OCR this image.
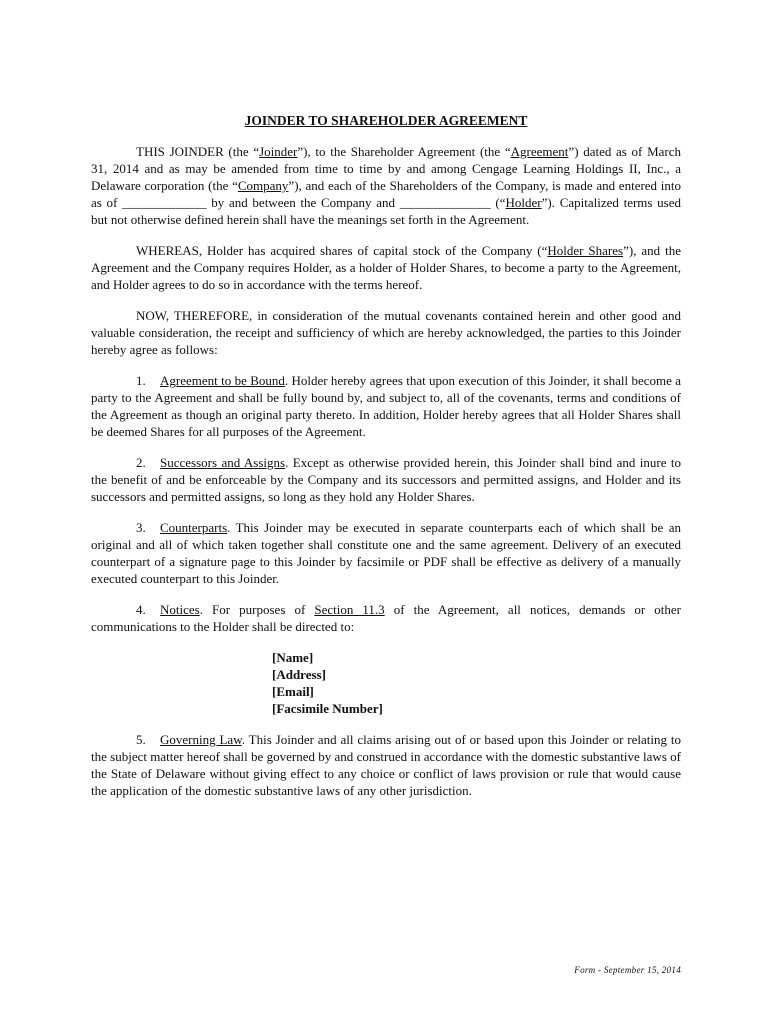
JOINDER TO SHAREHOLDER AGREEMENT

THIS JOINDER (the “Joinder”), to the Shareholder Agreement (the “Agreement”) dated as of March 31, 2014 and as may be amended from time to time by and among Cengage Learning Holdings II, Inc., a Delaware corporation (the “Company”), and each of the Shareholders of the Company, is made and entered into as of _____________ by and between the Company and ______________ (“Holder”). Capitalized terms used but not otherwise defined herein shall have the meanings set forth in the Agreement.

WHEREAS, Holder has acquired shares of capital stock of the Company (“Holder Shares”), and the Agreement and the Company requires Holder, as a holder of Holder Shares, to become a party to the Agreement, and Holder agrees to do so in accordance with the terms hereof.

NOW, THEREFORE, in consideration of the mutual covenants contained herein and other good and valuable consideration, the receipt and sufficiency of which are hereby acknowledged, the parties to this Joinder hereby agree as follows:

1. Agreement to be Bound. Holder hereby agrees that upon execution of this Joinder, it shall become a party to the Agreement and shall be fully bound by, and subject to, all of the covenants, terms and conditions of the Agreement as though an original party thereto. In addition, Holder hereby agrees that all Holder Shares shall be deemed Shares for all purposes of the Agreement.

2. Successors and Assigns. Except as otherwise provided herein, this Joinder shall bind and inure to the benefit of and be enforceable by the Company and its successors and permitted assigns, and Holder and its successors and permitted assigns, so long as they hold any Holder Shares.

3. Counterparts. This Joinder may be executed in separate counterparts each of which shall be an original and all of which taken together shall constitute one and the same agreement. Delivery of an executed counterpart of a signature page to this Joinder by facsimile or PDF shall be effective as delivery of a manually executed counterpart to this Joinder.

4. Notices. For purposes of Section 11.3 of the Agreement, all notices, demands or other communications to the Holder shall be directed to:

[Name]
[Address]
[Email]
[Facsimile Number]

5. Governing Law. This Joinder and all claims arising out of or based upon this Joinder or relating to the subject matter hereof shall be governed by and construed in accordance with the domestic substantive laws of the State of Delaware without giving effect to any choice or conflict of laws provision or rule that would cause the application of the domestic substantive laws of any other jurisdiction.

Form - September 15, 2014
